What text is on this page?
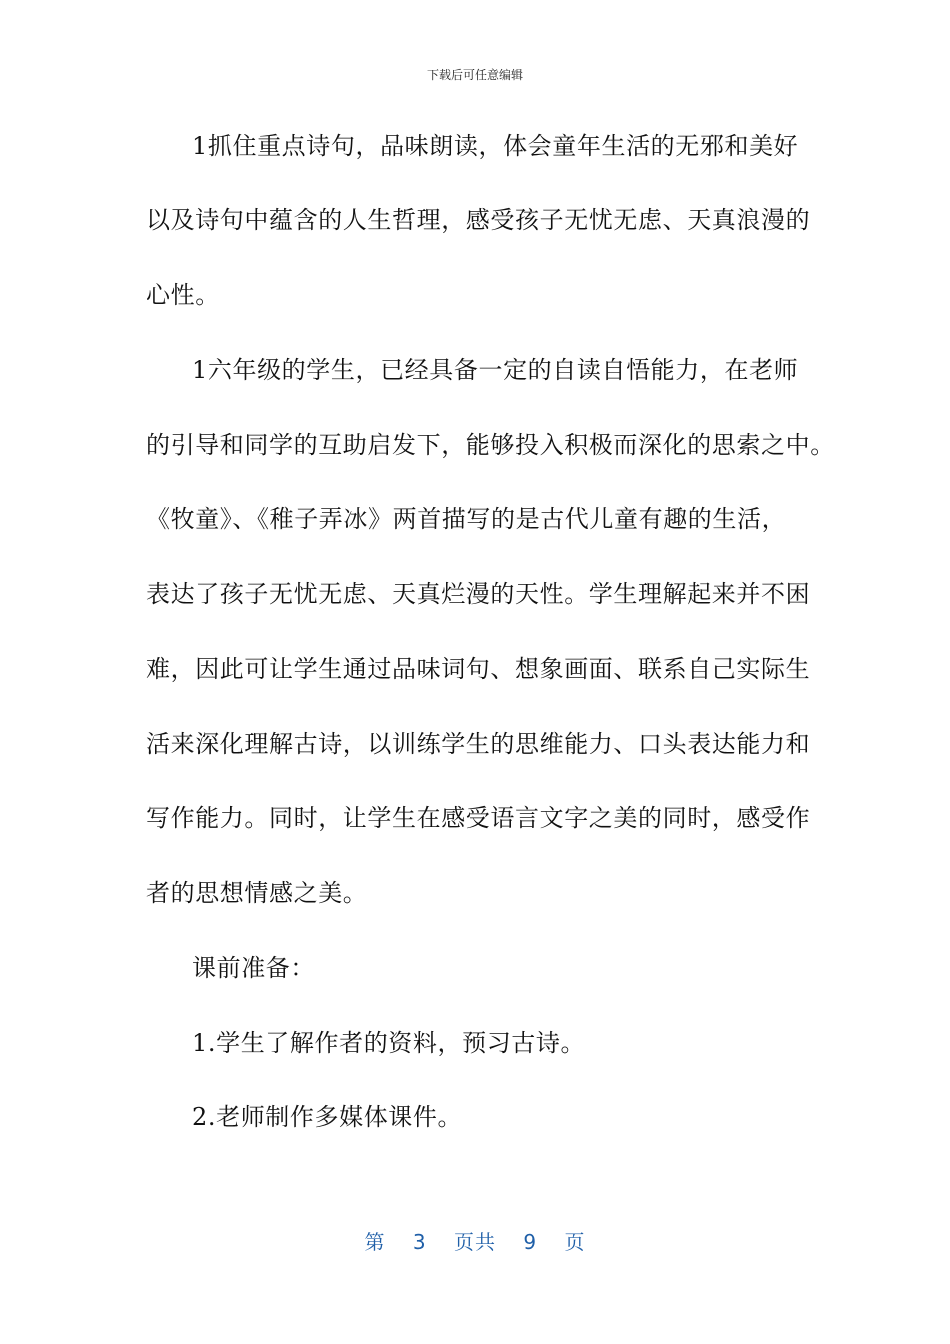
下载后可任意编辑
1抓住重点诗句，品味朗读，体会童年生活的无邪和美好
以及诗句中蕴含的人生哲理，感受孩子无忧无虑、天真浪漫的
心性。
1六年级的学生，已经具备一定的自读自悟能力，在老师
的引导和同学的互助启发下，能够投入积极而深化的思索之中。
《牧童》、《稚子弄冰》两首描写的是古代儿童有趣的生活，
表达了孩子无忧无虑、天真烂漫的天性。学生理解起来并不困
难，因此可让学生通过品味词句、想象画面、联系自己实际生
活来深化理解古诗，以训练学生的思维能力、口头表达能力和
写作能力。同时，让学生在感受语言文字之美的同时，感受作
者的思想情感之美。
课前准备：
1.学生了解作者的资料，预习古诗。
2.老师制作多媒体课件。
第 3 页共 9 页
